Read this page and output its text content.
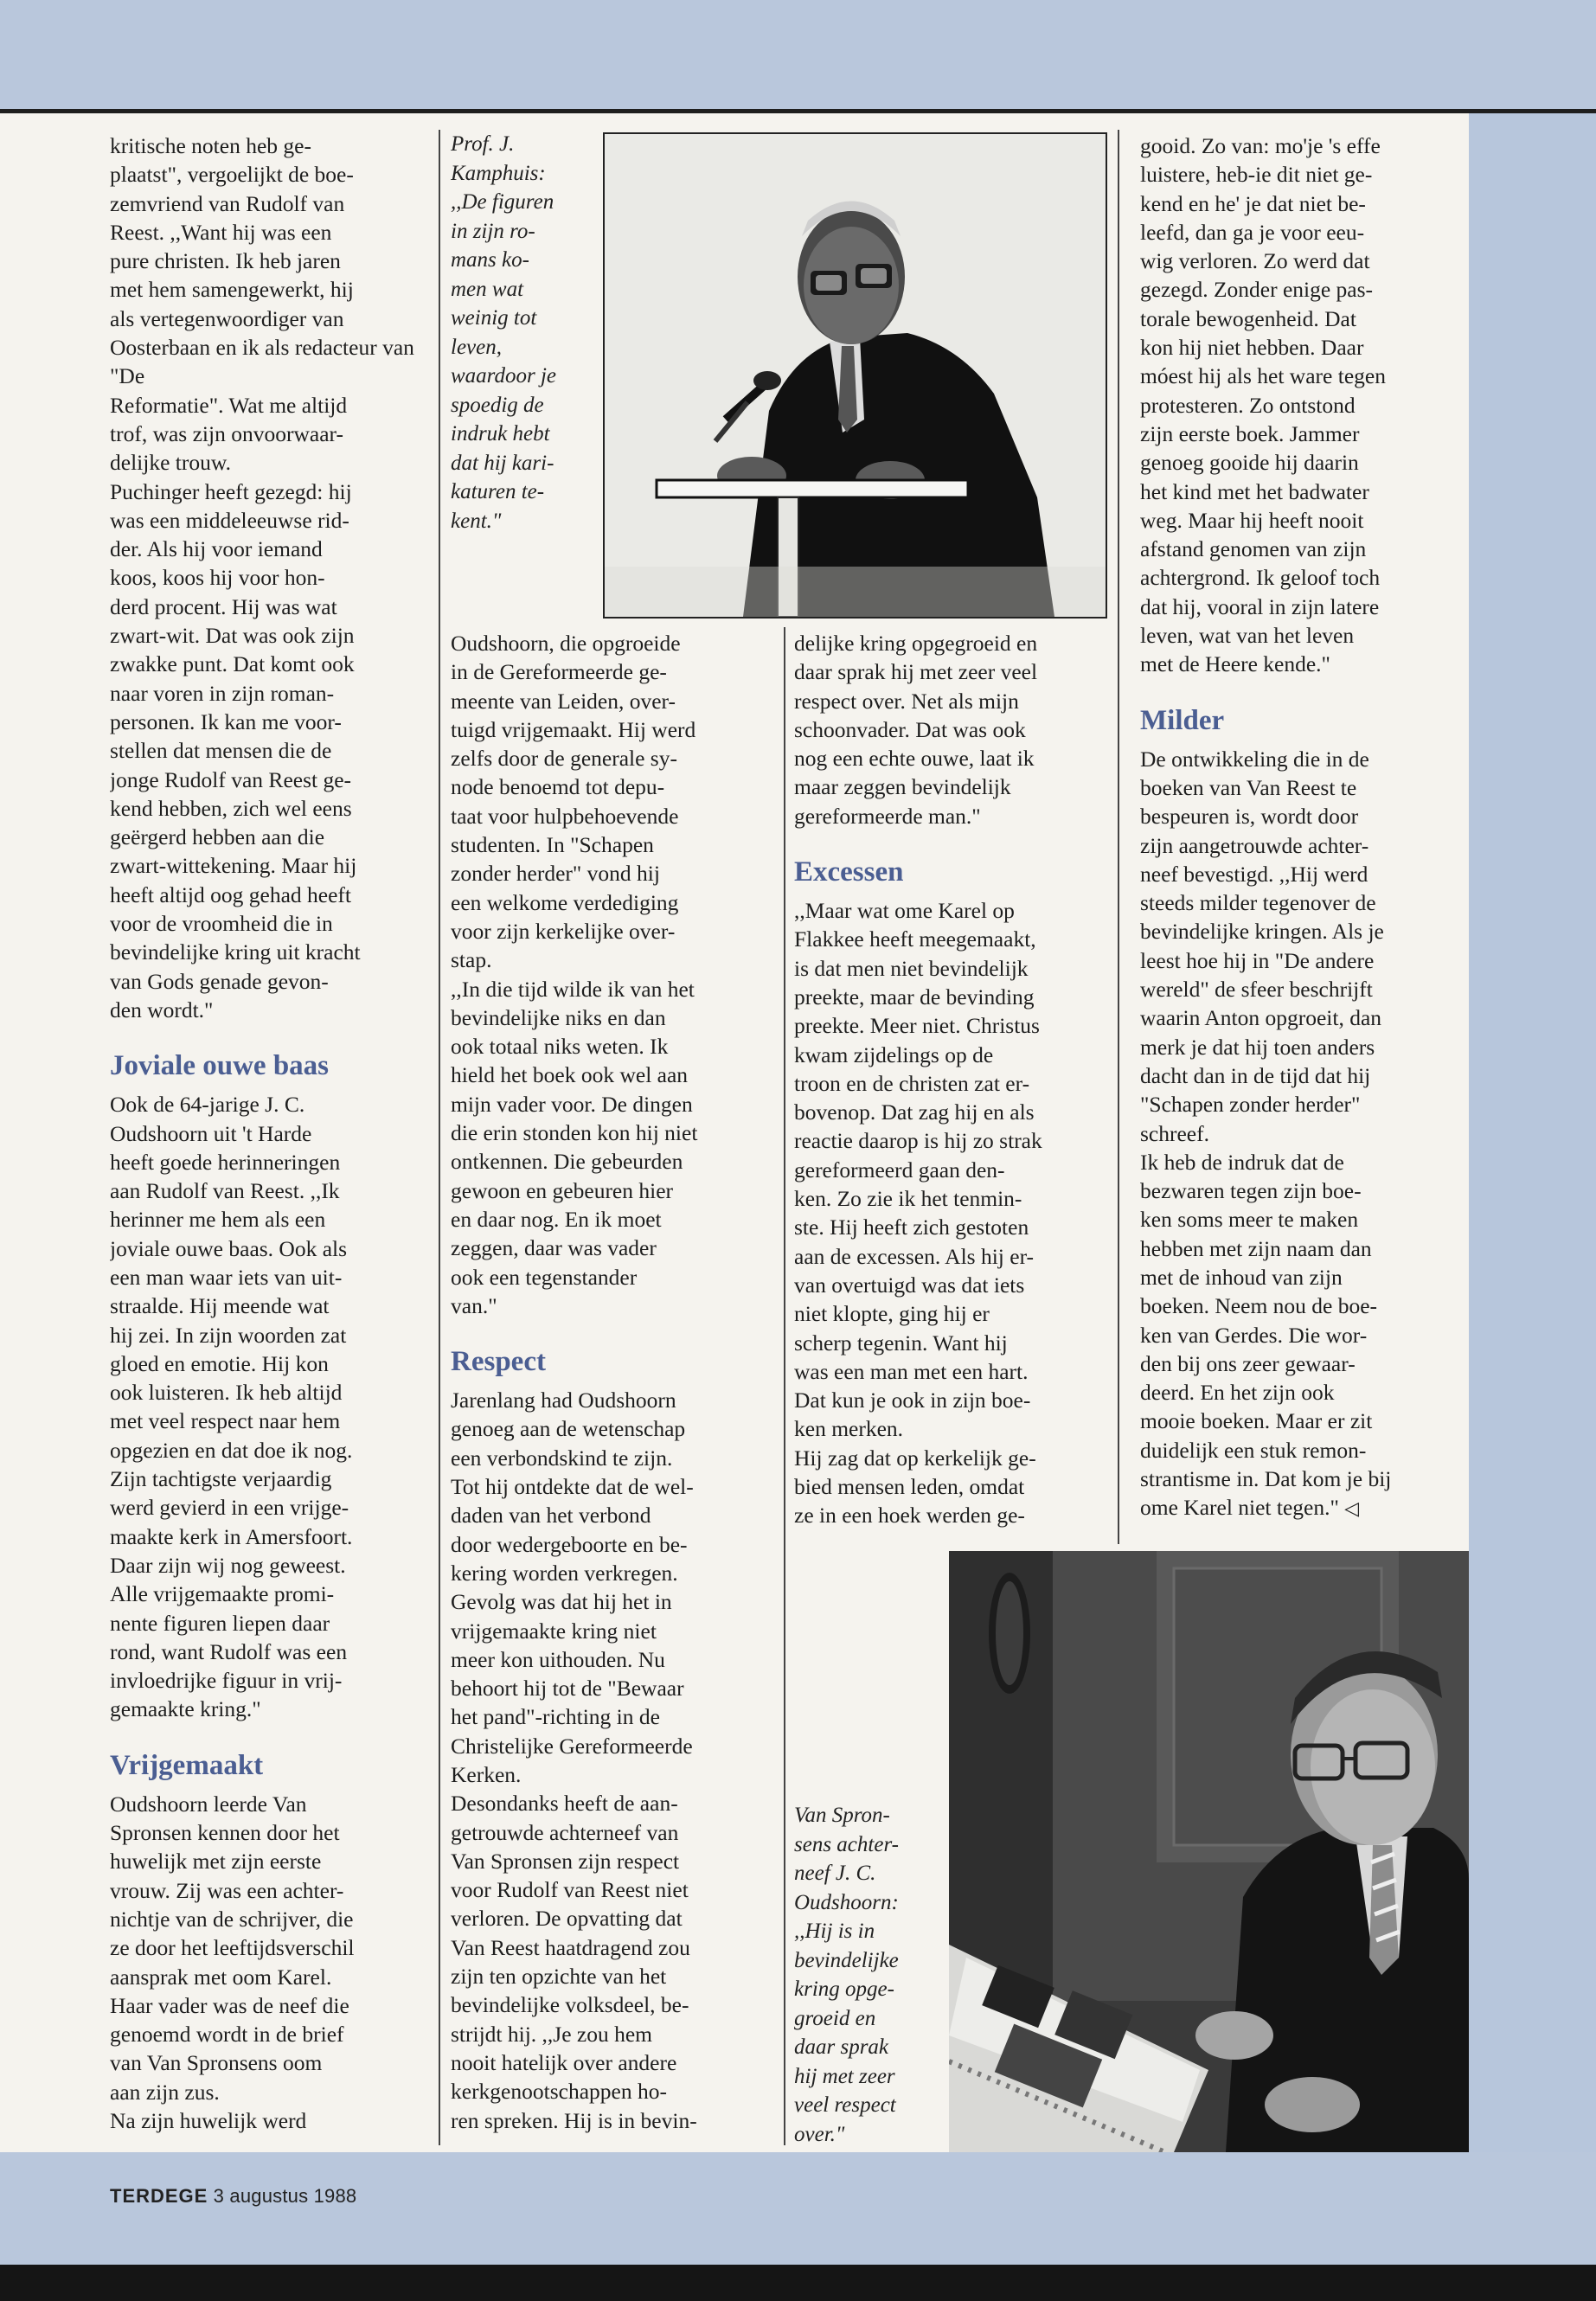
kritische noten heb ge-
plaatst", vergoelijkt de boe-
zemvriend van Rudolf van
Reest. ,,Want hij was een
pure christen. Ik heb jaren
met hem samengewerkt, hij
als vertegenwoordiger van
Oosterbaan en ik als redacteur van "De
Reformatie". Wat me altijd
trof, was zijn onvoorwaar-
delijke trouw.

Puchinger heeft gezegd: hij
was een middeleeuwse rid-
der. Als hij voor iemand
koos, koos hij voor hon-
derd procent. Hij was wat
zwart-wit. Dat was ook zijn
zwakke punt. Dat komt ook
naar voren in zijn roman-
personen. Ik kan me voor-
stellen dat mensen die de
jonge Rudolf van Reest ge-
kend hebben, zich wel eens
geërgerd hebben aan die
zwart-wittekening. Maar hij
heeft altijd oog gehad heeft
voor de vroomheid die in
bevindelijke kring uit kracht
van Gods genade gevon-
den wordt."

Joviale ouwe baas

Ook de 64-jarige J. C.
Oudshoorn uit 't Harde
heeft goede herinneringen
aan Rudolf van Reest. ,,Ik
herinner me hem als een
joviale ouwe baas. Ook als
een man waar iets van uit-
straalde. Hij meende wat
hij zei. In zijn woorden zat
gloed en emotie. Hij kon
ook luisteren. Ik heb altijd
met veel respect naar hem
opgezien en dat doe ik nog.
Zijn tachtigste verjaardig
werd gevierd in een vrijge-
maakte kerk in Amersfoort.
Daar zijn wij nog geweest.
Alle vrijgemaakte promi-
nente figuren liepen daar
rond, want Rudolf was een
invloedrijke figuur in vrij-
gemaakte kring."

Vrijgemaakt

Oudshoorn leerde Van
Spronsen kennen door het
huwelijk met zijn eerste
vrouw. Zij was een achter-
nichtje van de schrijver, die
ze door het leeftijdsverschil
aansprak met oom Karel.
Haar vader was de neef die
genoemd wordt in de brief
van Van Spronsens oom
aan zijn zus.
Na zijn huwelijk werd

Prof. J.
Kamphuis:
,,De figuren
in zijn ro-
mans ko-
men wat
weinig tot
leven,
waardoor je
spoedig de
indruk hebt
dat hij kari-
katuren te-
kent."

Oudshoorn, die opgroeide
in de Gereformeerde ge-
meente van Leiden, over-
tuigd vrijgemaakt. Hij werd
zelfs door de generale sy-
node benoemd tot depu-
taat voor hulpbehoevende
studenten. In "Schapen
zonder herder" vond hij
een welkome verdediging
voor zijn kerkelijke over-
stap.

,,In die tijd wilde ik van het
bevindelijke niks en dan
ook totaal niks weten. Ik
hield het boek ook wel aan
mijn vader voor. De dingen
die erin stonden kon hij niet
ontkennen. Die gebeurden
gewoon en gebeuren hier
en daar nog. En ik moet
zeggen, daar was vader
ook een tegenstander
van."

Respect

Jarenlang had Oudshoorn
genoeg aan de wetenschap
een verbondskind te zijn.
Tot hij ontdekte dat de wel-
daden van het verbond
door wedergeboorte en be-
kering worden verkregen.
Gevolg was dat hij het in
vrijgemaakte kring niet
meer kon uithouden. Nu
behoort hij tot de "Bewaar
het pand"-richting in de
Christelijke Gereformeerde
Kerken.

Desondanks heeft de aan-
getrouwde achterneef van
Van Spronsen zijn respect
voor Rudolf van Reest niet
verloren. De opvatting dat
Van Reest haatdragend zou
zijn ten opzichte van het
bevindelijke volksdeel, be-
strijdt hij. ,,Je zou hem
nooit hatelijk over andere
kerkgenootschappen ho-
ren spreken. Hij is in bevin-

delijke kring opgegroeid en
daar sprak hij met zeer veel
respect over. Net als mijn
schoonvader. Dat was ook
nog een echte ouwe, laat ik
maar zeggen bevindelijk
gereformeerde man."

Excessen

,,Maar wat ome Karel op
Flakkee heeft meegemaakt,
is dat men niet bevindelijk
preekte, maar de bevinding
preekte. Meer niet. Christus
kwam zijdelings op de
troon en de christen zat er-
bovenop. Dat zag hij en als
reactie daarop is hij zo strak
gereformeerd gaan den-
ken. Zo zie ik het tenmin-
ste. Hij heeft zich gestoten
aan de excessen. Als hij er-
van overtuigd was dat iets
niet klopte, ging hij er
scherp tegenin. Want hij
was een man met een hart.
Dat kun je ook in zijn boe-
ken merken.

Hij zag dat op kerkelijk ge-
bied mensen leden, omdat
ze in een hoek werden ge-

Van Spron-
sens achter-
neef J. C.
Oudshoorn:
,,Hij is in
bevindelijke
kring opge-
groeid en
daar sprak
hij met zeer
veel respect
over."

gooid. Zo van: mo'je 's effe
luistere, heb-ie dit niet ge-
kend en he' je dat niet be-
leefd, dan ga je voor eeu-
wig verloren. Zo werd dat
gezegd. Zonder enige pas-
torale bewogenheid. Dat
kon hij niet hebben. Daar
móest hij als het ware tegen
protesteren. Zo ontstond
zijn eerste boek. Jammer
genoeg gooide hij daarin
het kind met het badwater
weg. Maar hij heeft nooit
afstand genomen van zijn
achtergrond. Ik geloof toch
dat hij, vooral in zijn latere
leven, wat van het leven
met de Heere kende."

Milder

De ontwikkeling die in de
boeken van Van Reest te
bespeuren is, wordt door
zijn aangetrouwde achter-
neef bevestigd. ,,Hij werd
steeds milder tegenover de
bevindelijke kringen. Als je
leest hoe hij in "De andere
wereld" de sfeer beschrijft
waarin Anton opgroeit, dan
merk je dat hij toen anders
dacht dan in de tijd dat hij
"Schapen zonder herder"
schreef.

Ik heb de indruk dat de
bezwaren tegen zijn boe-
ken soms meer te maken
hebben met zijn naam dan
met de inhoud van zijn
boeken. Neem nou de boe-
ken van Gerdes. Die wor-
den bij ons zeer gewaar-
deerd. En het zijn ook
mooie boeken. Maar er zit
duidelijk een stuk remon-
strantisme in. Dat kom je bij
ome Karel niet tegen." ◁

TERDEGE 3 augustus 1988
